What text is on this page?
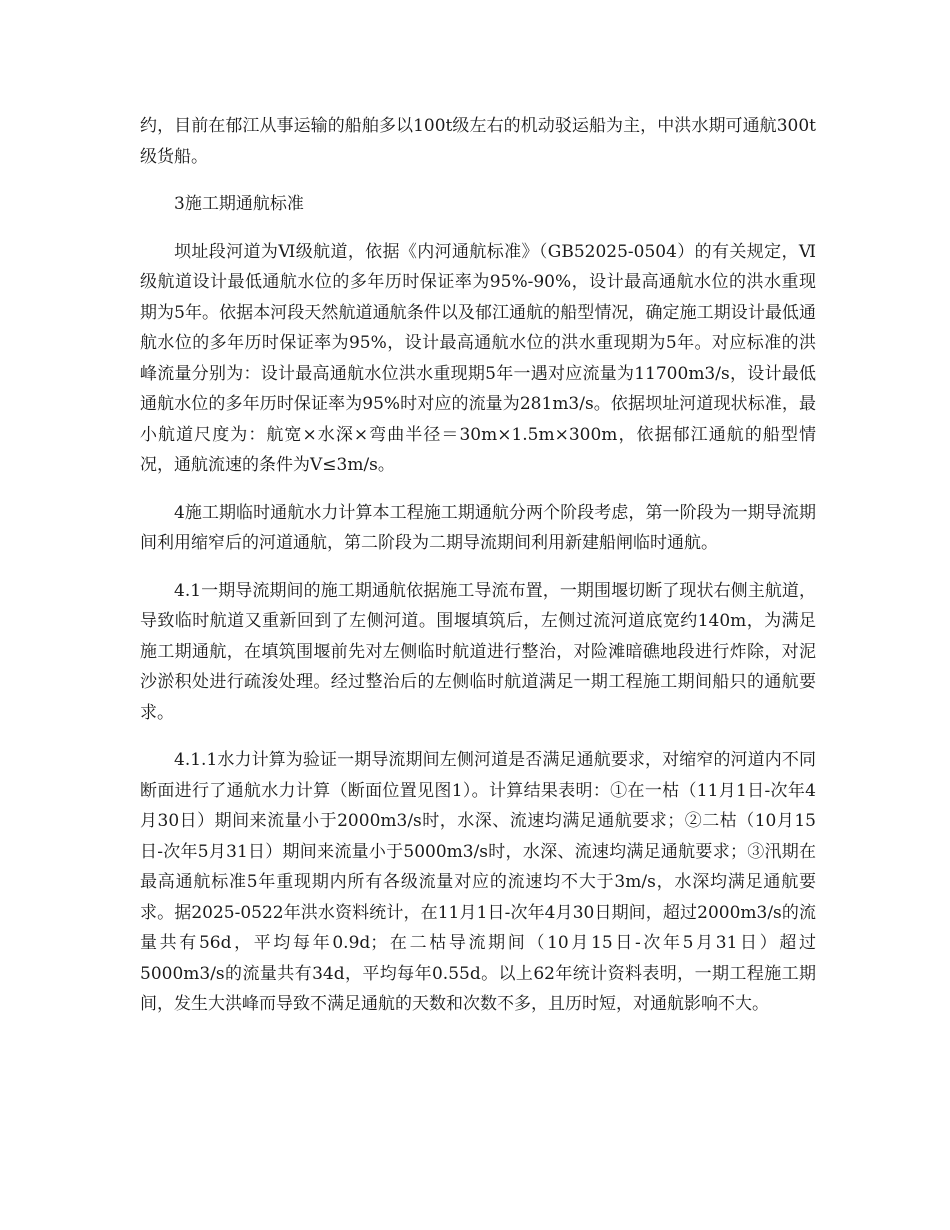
约，目前在郁江从事运输的船舶多以100t级左右的机动驳运船为主，中洪水期可通航300t级货船。

3施工期通航标准

坝址段河道为Ⅵ级航道，依据《内河通航标准》（GB52025-0504）的有关规定，Ⅵ级航道设计最低通航水位的多年历时保证率为95%-90%，设计最高通航水位的洪水重现期为5年。依据本河段天然航道通航条件以及郁江通航的船型情况，确定施工期设计最低通航水位的多年历时保证率为95%，设计最高通航水位的洪水重现期为5年。对应标准的洪峰流量分别为：设计最高通航水位洪水重现期5年一遇对应流量为11700m3/s，设计最低通航水位的多年历时保证率为95%时对应的流量为281m3/s。依据坝址河道现状标准，最小航道尺度为：航宽×水深×弯曲半径＝30m×1.5m×300m，依据郁江通航的船型情况，通航流速的条件为V≤3m/s。

4施工期临时通航水力计算本工程施工期通航分两个阶段考虑，第一阶段为一期导流期间利用缩窄后的河道通航，第二阶段为二期导流期间利用新建船闸临时通航。

4.1一期导流期间的施工期通航依据施工导流布置，一期围堰切断了现状右侧主航道，导致临时航道又重新回到了左侧河道。围堰填筑后，左侧过流河道底宽约140m，为满足施工期通航，在填筑围堰前先对左侧临时航道进行整治，对险滩暗礁地段进行炸除，对泥沙淤积处进行疏浚处理。经过整治后的左侧临时航道满足一期工程施工期间船只的通航要求。

4.1.1水力计算为验证一期导流期间左侧河道是否满足通航要求，对缩窄的河道内不同断面进行了通航水力计算（断面位置见图1）。计算结果表明：①在一枯（11月1日-次年4月30日）期间来流量小于2000m3/s时，水深、流速均满足通航要求；②二枯（10月15日-次年5月31日）期间来流量小于5000m3/s时，水深、流速均满足通航要求；③汛期在最高通航标准5年重现期内所有各级流量对应的流速均不大于3m/s，水深均满足通航要求。据2025-0522年洪水资料统计，在11月1日-次年4月30日期间，超过2000m3/s的流量共有56d，平均每年0.9d；在二枯导流期间（10月15日-次年5月31日）超过5000m3/s的流量共有34d，平均每年0.55d。以上62年统计资料表明，一期工程施工期间，发生大洪峰而导致不满足通航的天数和次数不多，且历时短，对通航影响不大。
